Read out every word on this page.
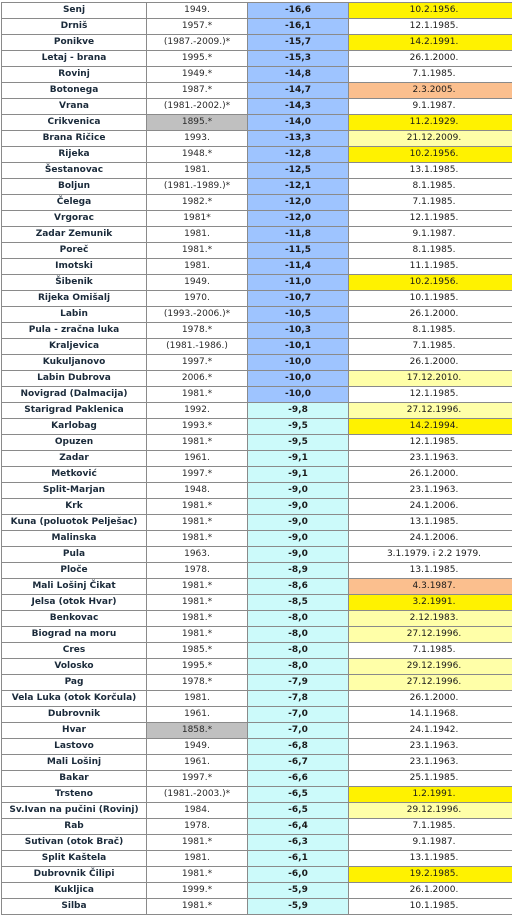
Senj	1949.	-16,6	10.2.1956.
Drniš	1957.*	-16,1	12.1.1985.
Ponikve	(1987.-2009.)*	-15,7	14.2.1991.
Letaj - brana	1995.*	-15,3	26.1.2000.
Rovinj	1949.*	-14,8	7.1.1985.
Botonega	1987.*	-14,7	2.3.2005.
Vrana	(1981.-2002.)*	-14,3	9.1.1987.
Crikvenica	1895.*	-14,0	11.2.1929.
Brana Ričice	1993.	-13,3	21.12.2009.
Rijeka	1948.*	-12,8	10.2.1956.
Šestanovac	1981.	-12,5	13.1.1985.
Boljun	(1981.-1989.)*	-12,1	8.1.1985.
Čelega	1982.*	-12,0	7.1.1985.
Vrgorac	1981*	-12,0	12.1.1985.
Zadar Zemunik	1981.	-11,8	9.1.1987.
Poreč	1981.*	-11,5	8.1.1985.
Imotski	1981.	-11,4	11.1.1985.
Šibenik	1949.	-11,0	10.2.1956.
Rijeka Omišalj	1970.	-10,7	10.1.1985.
Labin	(1993.-2006.)*	-10,5	26.1.2000.
Pula - zračna luka	1978.*	-10,3	8.1.1985.
Kraljevica	(1981.-1986.)	-10,1	7.1.1985.
Kukuljanovo	1997.*	-10,0	26.1.2000.
Labin Dubrova	2006.*	-10,0	17.12.2010.
Novigrad (Dalmacija)	1981.*	-10,0	12.1.1985.
Starigrad Paklenica	1992.	-9,8	27.12.1996.
Karlobag	1993.*	-9,5	14.2.1994.
Opuzen	1981.*	-9,5	12.1.1985.
Zadar	1961.	-9,1	23.1.1963.
Metković	1997.*	-9,1	26.1.2000.
Split-Marjan	1948.	-9,0	23.1.1963.
Krk	1981.*	-9,0	24.1.2006.
Kuna (poluotok Pelješac)	1981.*	-9,0	13.1.1985.
Malinska	1981.*	-9,0	24.1.2006.
Pula	1963.	-9,0	3.1.1979. i 2.2 1979.
Ploče	1978.	-8,9	13.1.1985.
Mali Lošinj Čikat	1981.*	-8,6	4.3.1987.
Jelsa (otok Hvar)	1981.*	-8,5	3.2.1991.
Benkovac	1981.*	-8,0	2.12.1983.
Biograd na moru	1981.*	-8,0	27.12.1996.
Cres	1985.*	-8,0	7.1.1985.
Volosko	1995.*	-8,0	29.12.1996.
Pag	1978.*	-7,9	27.12.1996.
Vela Luka (otok Korčula)	1981.	-7,8	26.1.2000.
Dubrovnik	1961.	-7,0	14.1.1968.
Hvar	1858.*	-7,0	24.1.1942.
Lastovo	1949.	-6,8	23.1.1963.
Mali Lošinj	1961.	-6,7	23.1.1963.
Bakar	1997.*	-6,6	25.1.1985.
Trsteno	(1981.-2003.)*	-6,5	1.2.1991.
Sv.Ivan na pučini (Rovinj)	1984.	-6,5	29.12.1996.
Rab	1978.	-6,4	7.1.1985.
Sutivan (otok Brač)	1981.*	-6,3	9.1.1987.
Split Kaštela	1981.	-6,1	13.1.1985.
Dubrovnik Čilipi	1981.*	-6,0	19.2.1985.
Kukljica	1999.*	-5,9	26.1.2000.
Silba	1981.*	-5,9	10.1.1985.
